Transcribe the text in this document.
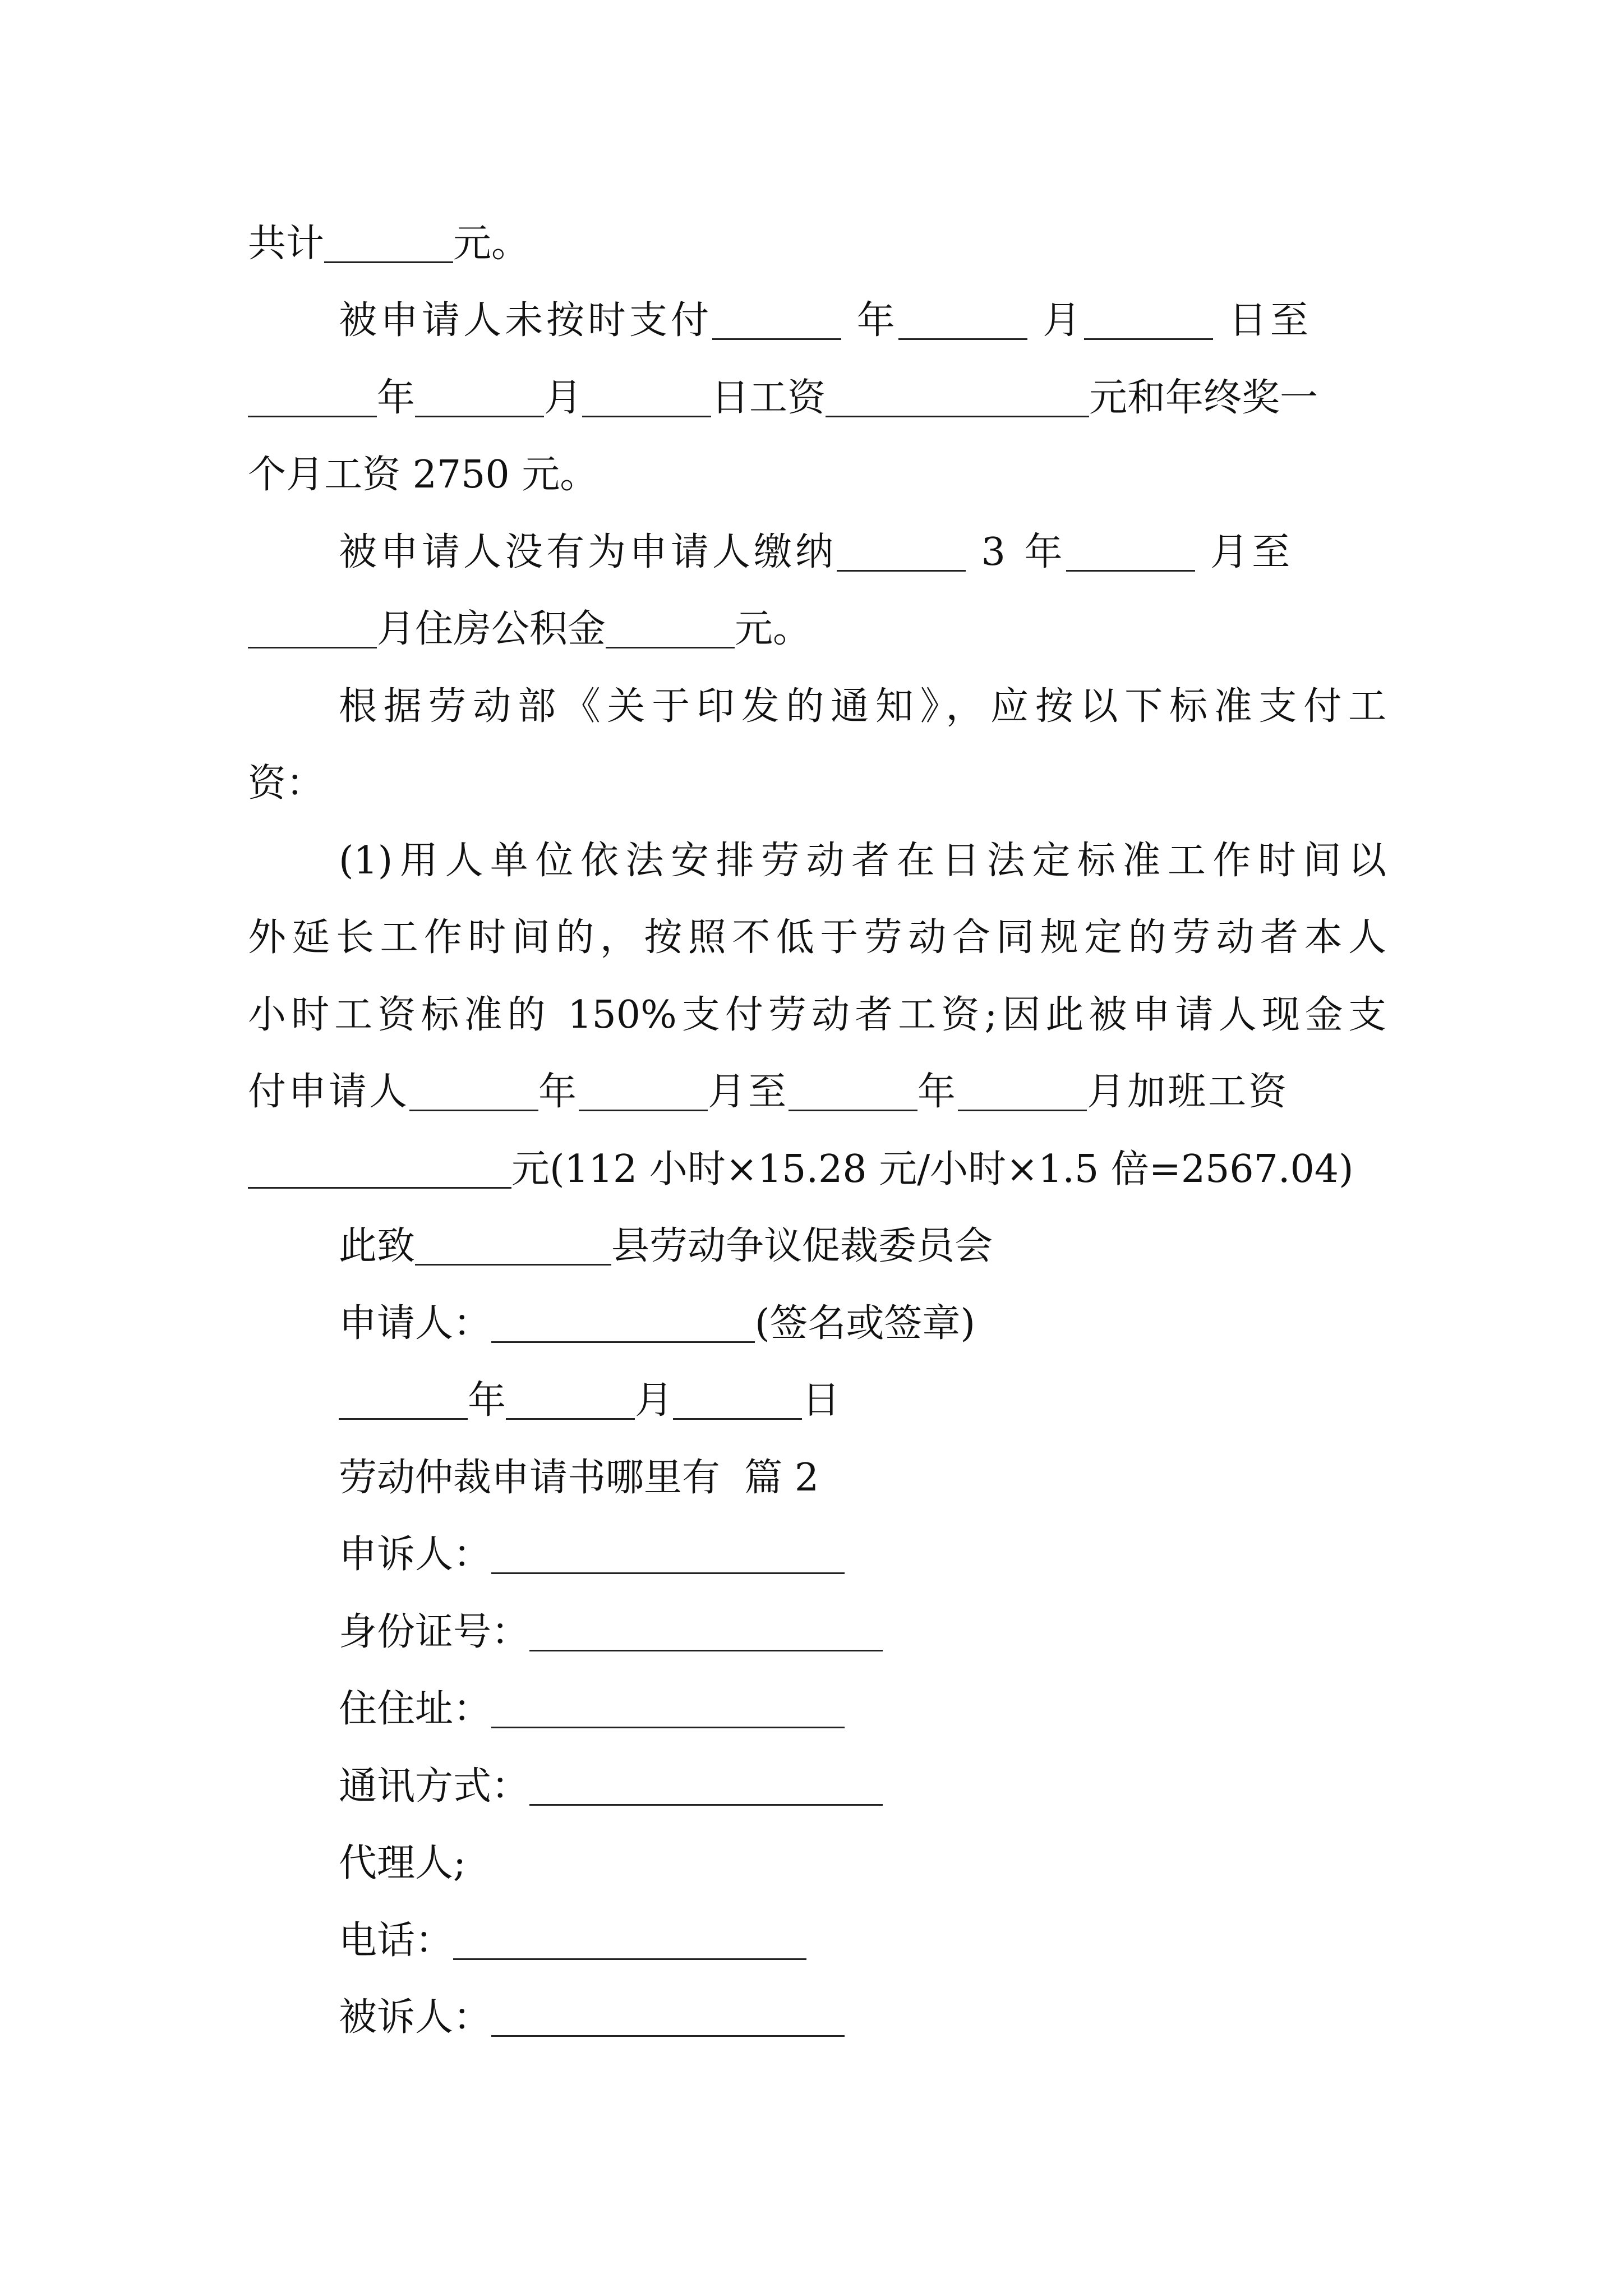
共计	元。
被申请人未按时支付	年	月	日至
年	月	日工资	元和年终奖一
个月工资 2750 元。
被申请人没有为申请人缴纳	3 年	月至
月住房公积金	元。
根据劳动部《关于印发的通知》，应按以下标准支付工
资：
(1)用人单位依法安排劳动者在日法定标准工作时间以
外延长工作时间的，按照不低于劳动合同规定的劳动者本人
小时工资标准的 150%支付劳动者工资;因此被申请人现金支
付申请人	年	月至	年	月加班工资
元(112 小时×15.28 元/小时×1.5 倍=2567.04)
此致	县劳动争议促裁委员会
申请人：	(签名或签章)
年	月	日
劳动仲裁申请书哪里有  篇 2
申诉人：
身份证号：
住住址：
通讯方式：
代理人;
电话：
被诉人：
